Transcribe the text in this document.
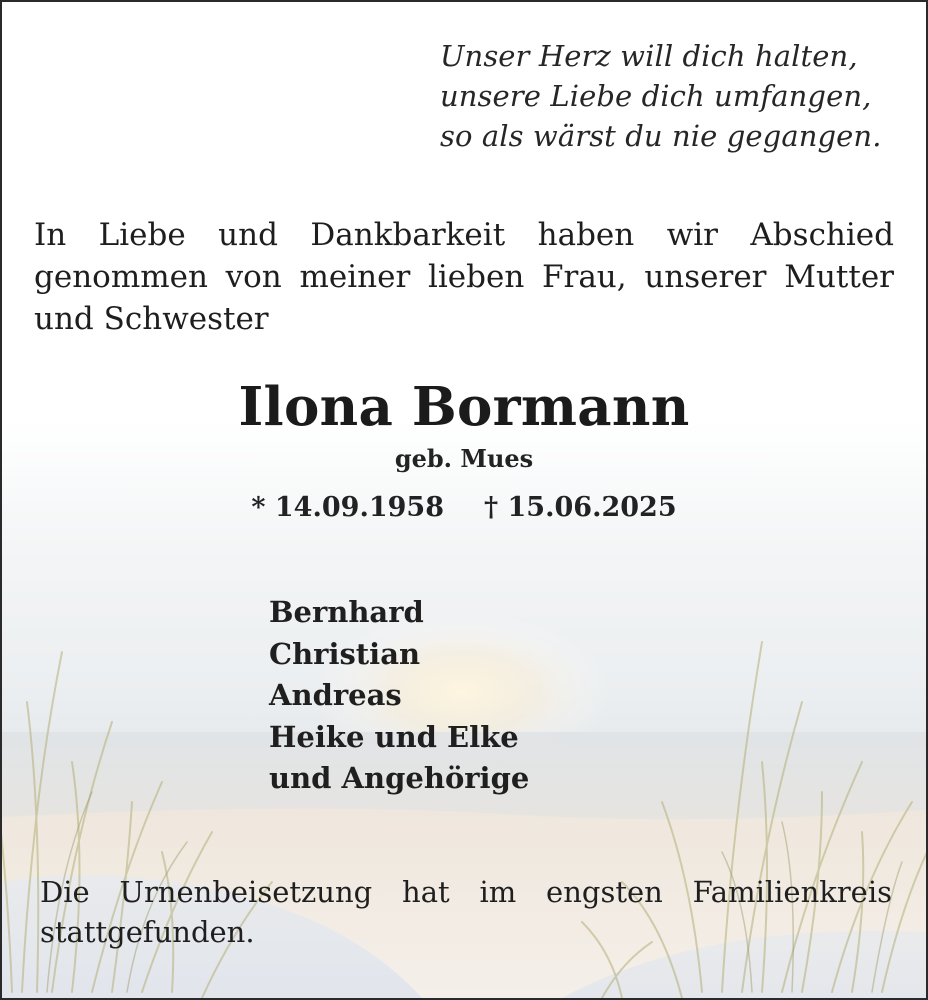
Unser Herz will dich halten,
unsere Liebe dich umfangen,
so als wärst du nie gegangen.
In Liebe und Dankbarkeit haben wir Abschied genommen von meiner lieben Frau, unserer Mutter und Schwester
Ilona Bormann
geb. Mues
* 14.09.1958 † 15.06.2025
Bernhard
Christian
Andreas
Heike und Elke
und Angehörige
Die Urnenbeisetzung hat im engsten Familienkreis stattgefunden.
